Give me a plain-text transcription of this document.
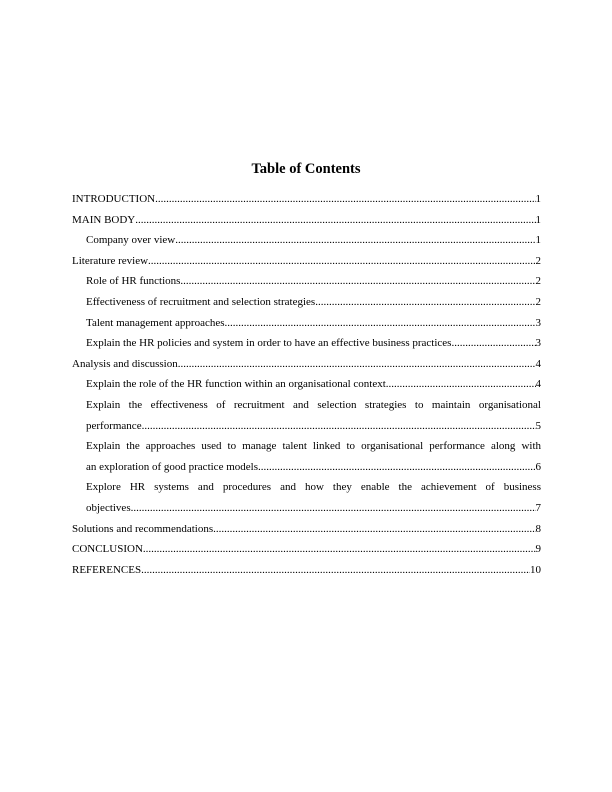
Table of Contents
INTRODUCTION .....	1
MAIN BODY .....	1
Company over view .....	1
Literature review .....	2
Role of HR functions .....	2
Effectiveness of recruitment and selection strategies .....	2
Talent management approaches .....	3
Explain the HR policies and system in order to have an effective business practices .....	3
Analysis and discussion .....	4
Explain the role of the HR function within an organisational context. .....	4
Explain the effectiveness of recruitment and selection strategies to maintain organisational
performance .....	5
Explain the approaches used to manage talent linked to organisational performance along with
an exploration of good practice models .....	6
Explore HR systems and procedures and how they enable the achievement of business
objectives .....	7
Solutions and recommendations .....	8
CONCLUSION .....	9
REFERENCES .....	10
